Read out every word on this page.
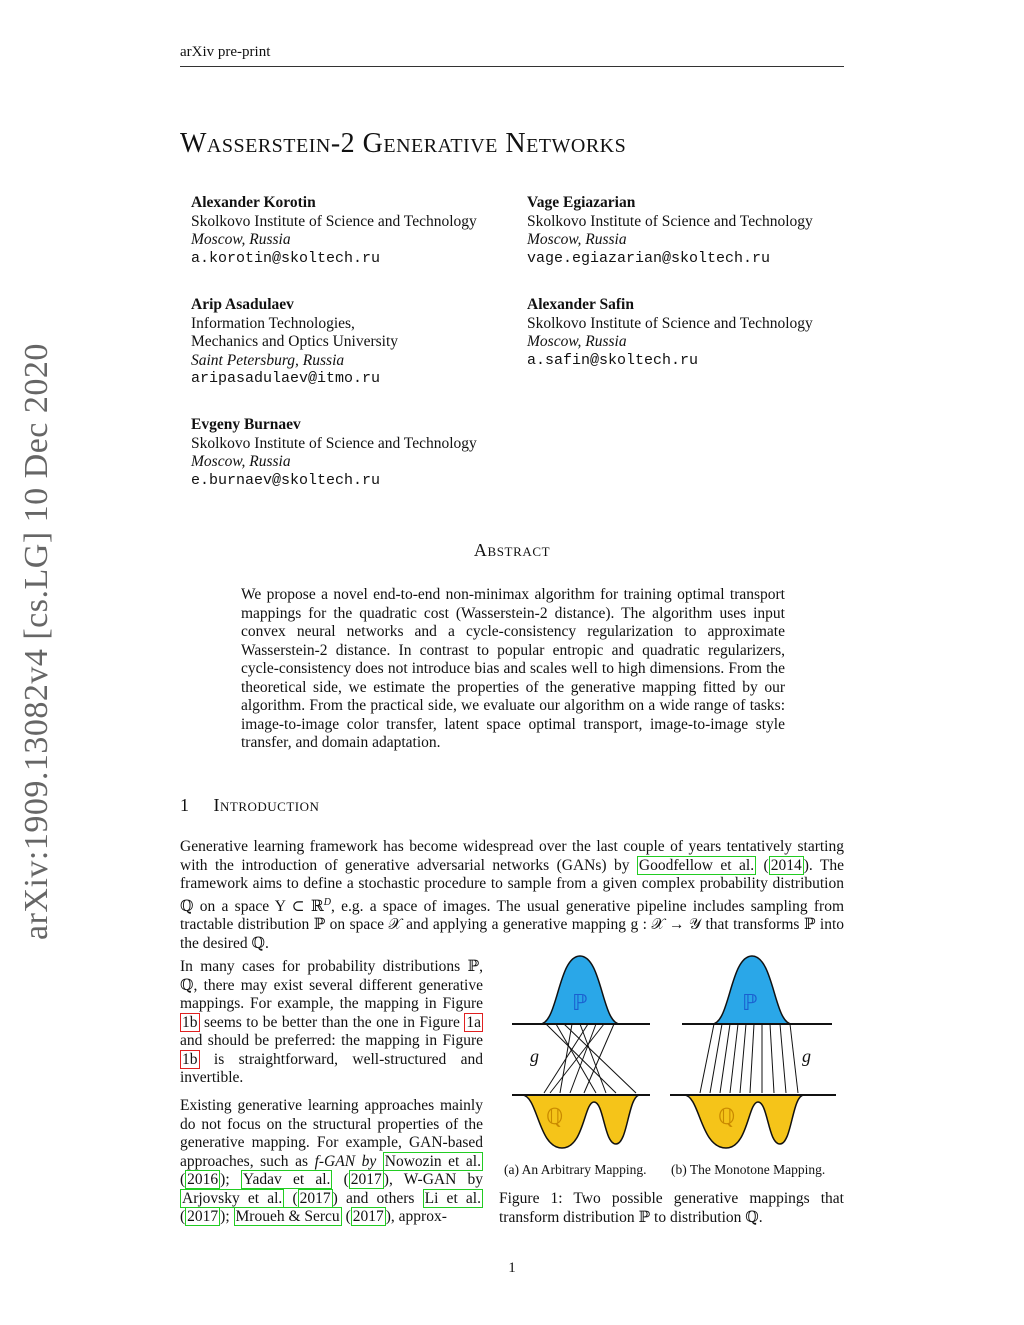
arXiv pre-print
arXiv:1909.13082v4 [cs.LG] 10 Dec 2020
Wasserstein-2 Generative Networks
Alexander Korotin
Skolkovo Institute of Science and Technology
Moscow, Russia
a.korotin@skoltech.ru
Vage Egiazarian
Skolkovo Institute of Science and Technology
Moscow, Russia
vage.egiazarian@skoltech.ru
Arip Asadulaev
Information Technologies,
Mechanics and Optics University
Saint Petersburg, Russia
aripasadulaev@itmo.ru
Alexander Safin
Skolkovo Institute of Science and Technology
Moscow, Russia
a.safin@skoltech.ru
Evgeny Burnaev
Skolkovo Institute of Science and Technology
Moscow, Russia
e.burnaev@skoltech.ru
Abstract
We propose a novel end-to-end non-minimax algorithm for training optimal transport mappings for the quadratic cost (Wasserstein-2 distance). The algorithm uses input convex neural networks and a cycle-consistency regularization to approximate Wasserstein-2 distance. In contrast to popular entropic and quadratic regularizers, cycle-consistency does not introduce bias and scales well to high dimensions. From the theoretical side, we estimate the properties of the generative mapping fitted by our algorithm. From the practical side, we evaluate our algorithm on a wide range of tasks: image-to-image color transfer, latent space optimal transport, image-to-image style transfer, and domain adaptation.
1 Introduction
Generative learning framework has become widespread over the last couple of years tentatively starting with the introduction of generative adversarial networks (GANs) by Goodfellow et al. ( 2014 ). The framework aims to define a stochastic procedure to sample from a given complex probability distribution ℚ on a space Y ⊂ ℝ$^D$, e.g. a space of images. The usual generative pipeline includes sampling from tractable distribution ℙ on space 𝒳 and applying a generative mapping g : 𝒳 → 𝒴 that transforms ℙ into the desired ℚ.
In many cases for probability distributions ℙ, ℚ, there may exist several different generative mappings. For example, the mapping in Figure 1b seems to be better than the one in Figure 1a and should be preferred: the mapping in Figure 1b is straightforward, well-structured and invertible.
Existing generative learning approaches mainly do not focus on the structural properties of the generative mapping. For example, GAN-based approaches, such as f-GAN by Nowozin et al. ( 2016 ); Yadav et al. ( 2017 ), W-GAN by Arjovsky et al. ( 2017 ) and others Li et al. ( 2017 ); Mroueh & Sercu ( 2017 ), approx-
ℙ
ℚ
g
ℙ
ℚ
g
(a) An Arbitrary Mapping. (b) The Monotone Mapping.
Figure 1: Two possible generative mappings that transform distribution ℙ to distribution ℚ.
1
